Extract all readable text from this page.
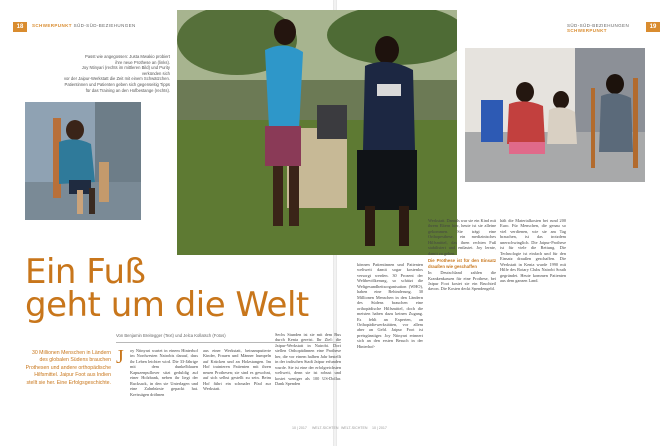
18	SCHWERPUNKT SÜD-SÜD-BEZIEHUNGEN	SÜD-SÜD-BEZIEHUNGEN SCHWERPUNKT
19
Passt wie angegossen: Justa Mwakio probiert
ihre neue Prothese an (links).
Joy Ntinyari (rechts im mittleren Bild) und Purity verkünden sich
vor der Jaipur-Werkstatt die Zeit mit einem Schwätzchen.
Patientinnen und Patienten geben sich gegenseitig Tipps
für das Training an den Hofbestange (rechts).
Ein Fuß
geht um die Welt
30 Millionen Menschen in Ländern des globalen Südens brauchen Prothesen und andere orthopädische Hilfsmittel. Jaipur Foot aus Indien stellt sie her. Eine Erfolgsgeschichte.
Von Benjamin Breitegger (Text) und Jelca Kollatsch (Fotos)
J oy Ntinyari wartet in einem Hinterhof im Nordwesten Nairobis darauf, dass ihr Leben leichter wird. Die 33-Jährige mit dem dunkelblauen Kapuzenpullover sitzt geduldig auf einer Holzbank, neben ihr liegt der Rucksack, in den sie Unterlagen und eine Zahnbürste gepackt hat. Kreissägen dröhnen
aus einer Werkstatt, beinamputierte Kinder, Frauen und Männer humpeln auf Krücken und an Holzstangen. Im Hof trainieren Patienten mit ihren neuen Prothesen; sie sind es gewohnt, auf sich selbst gestellt zu sein. Beim Hof führt ein schmaler Pfad zur Werkstatt.
Sechs Stunden ist sie mit dem Bus durch Kenia gereist. Ihr Ziel: die Jaipur-Werkstatt in Nairobi. Dort stellen Orthopädinnen eine Prothese her, die vor einem halben Jahr bestellt in der indischen Stadt Jaipur erfunden wurde. Sie ist eine der erfolgreichsten weltweit, denn sie ist robust und kostet weniger als 100 US-Dollar. Dank Spenden
können Patientinnen und Patienten weltweit damit sogar kostenlos versorgt werden. 30 Prozent der Weltbevölkerung, so schätzt die Weltgesundheitsorganisation (WHO), haben eine Behinderung. 30 Millionen Menschen in den Ländern des Südens brauchen eine orthopädische Hilfsmittel, doch die meisten haben dazu keinen Zugang. Es fehlt an Experten, an Orthopädiewerkstätten, vor allem aber an Geld. Jaipur Foot ist preisgünstiger. Joy Ntinyari erinnert sich an den ersten Besuch in der Hinterhof-
Werkstatt. Damals war sie ein Kind mit ihrem Eltern hier, heute ist sie alleine gekommen. Sie trägt eine Orthopesthese, ein medizinisches Hilfsmittel, das ihren rechten Fuß stabilisiert und entlastet. Joy lernte, damit zu gehen.
Die Prothese ist für den Einsatz draußen wie geschaffen
In Deutschland zahlen die Krankenkassen für eine Prothese, bei Jaipur Foot kostet sie ein Bruchteil davon. Die Kosten deckt Spendengeld.
hält die Materialkosten bei rund 200 Euro. Für Menschen, die genau so viel verdienen, wie sie am Tag brauchen, ist das trotzdem unerschwinglich. Die Jaipur-Prothese ist für viele die Rettung. Die Technologie ist einfach und für den Einsatz draußen geschaffen. Die Werkstatt in Kenia wurde 1990 mit Hilfe des Rotary Clubs Nairobi South gegründet. Heute kommen Patienten aus dem ganzen Land.
10 | 2017 WELT-SICHTEN WELT-SICHTEN 10 | 2017
